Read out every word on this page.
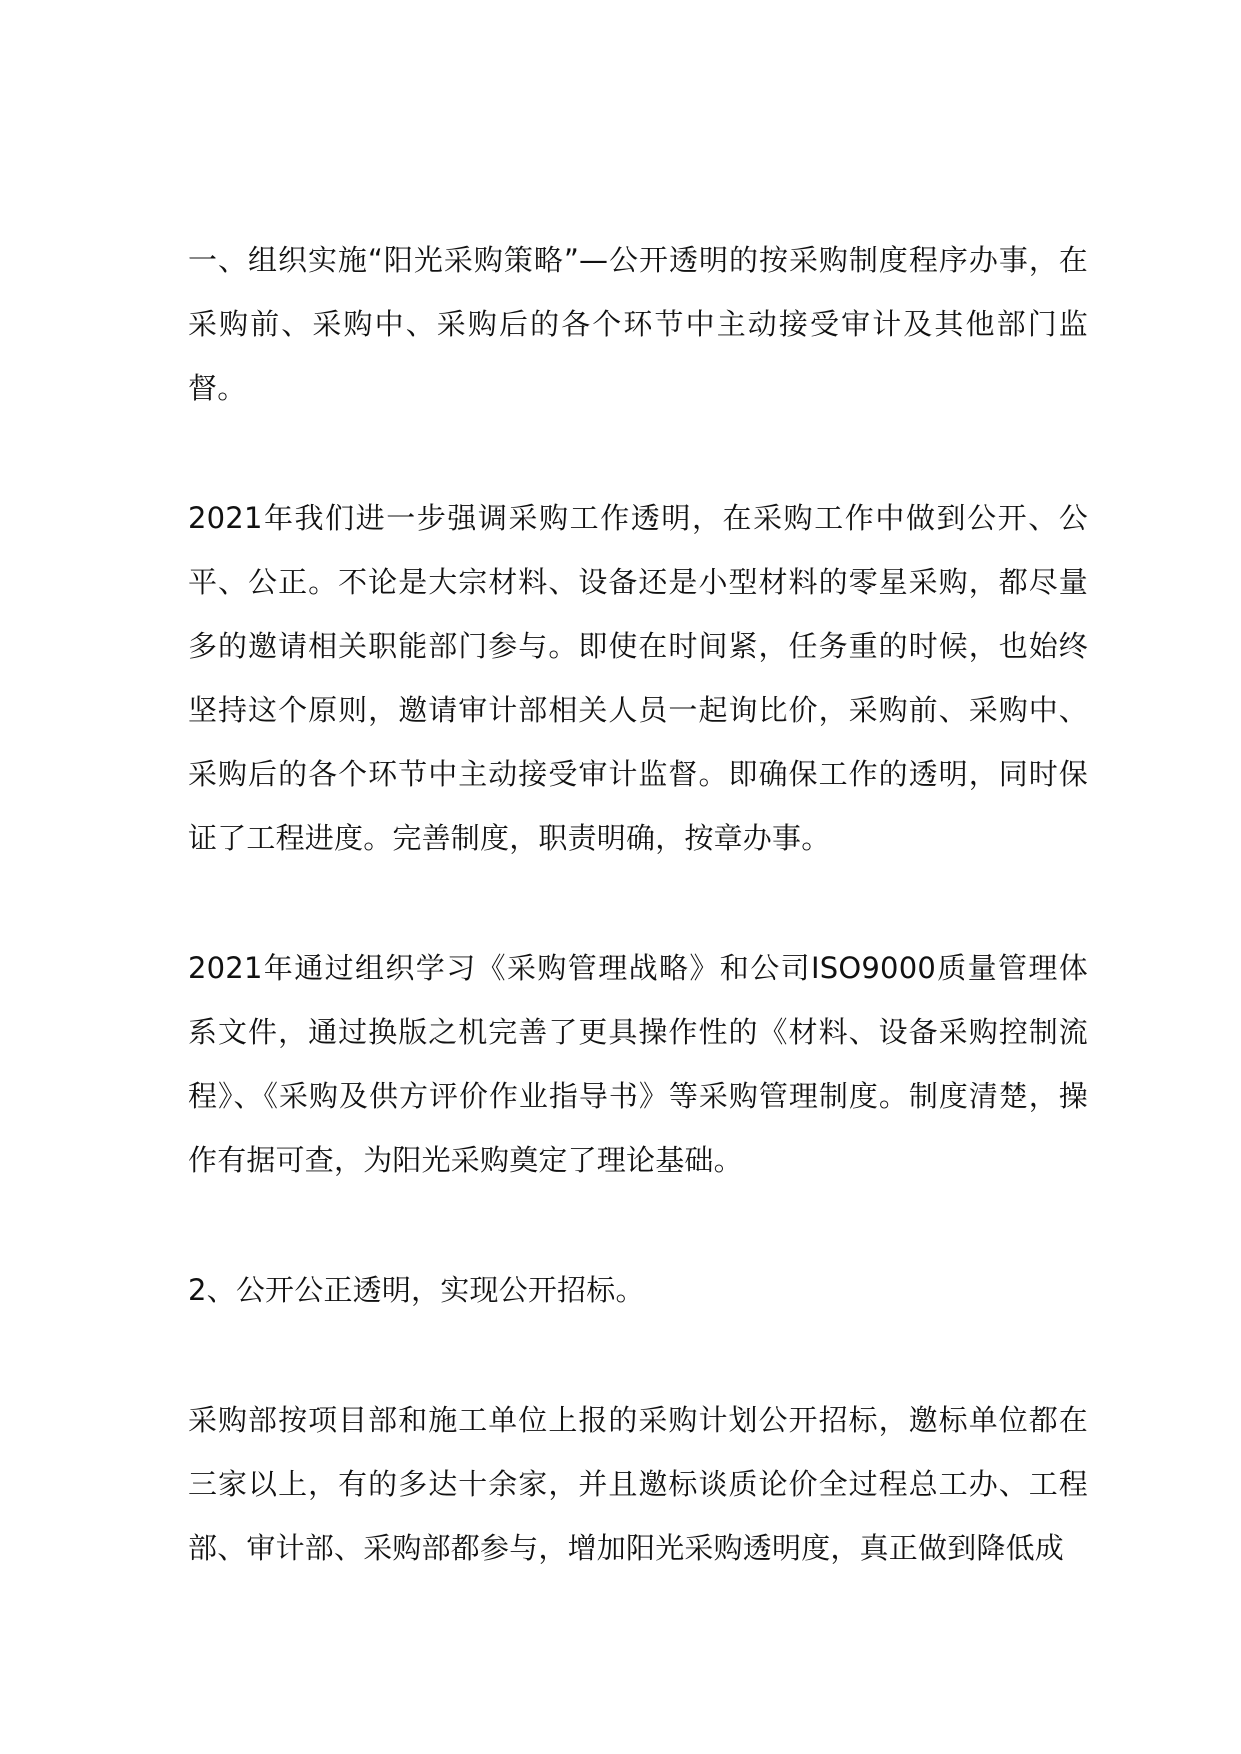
一、组织实施“阳光采购策略”—公开透明的按采购制度程序办事，在采购前、采购中、采购后的各个环节中主动接受审计及其他部门监督。

2021年我们进一步强调采购工作透明，在采购工作中做到公开、公平、公正。不论是大宗材料、设备还是小型材料的零星采购，都尽量多的邀请相关职能部门参与。即使在时间紧，任务重的时候，也始终坚持这个原则，邀请审计部相关人员一起询比价，采购前、采购中、采购后的各个环节中主动接受审计监督。即确保工作的透明，同时保证了工程进度。完善制度，职责明确，按章办事。

2021年通过组织学习《采购管理战略》和公司ISO9000质量管理体系文件，通过换版之机完善了更具操作性的《材料、设备采购控制流程》、《采购及供方评价作业指导书》等采购管理制度。制度清楚，操作有据可查，为阳光采购奠定了理论基础。

2、公开公正透明，实现公开招标。

采购部按项目部和施工单位上报的采购计划公开招标，邀标单位都在三家以上，有的多达十余家，并且邀标谈质论价全过程总工办、工程部、审计部、采购部都参与，增加阳光采购透明度，真正做到降低成
